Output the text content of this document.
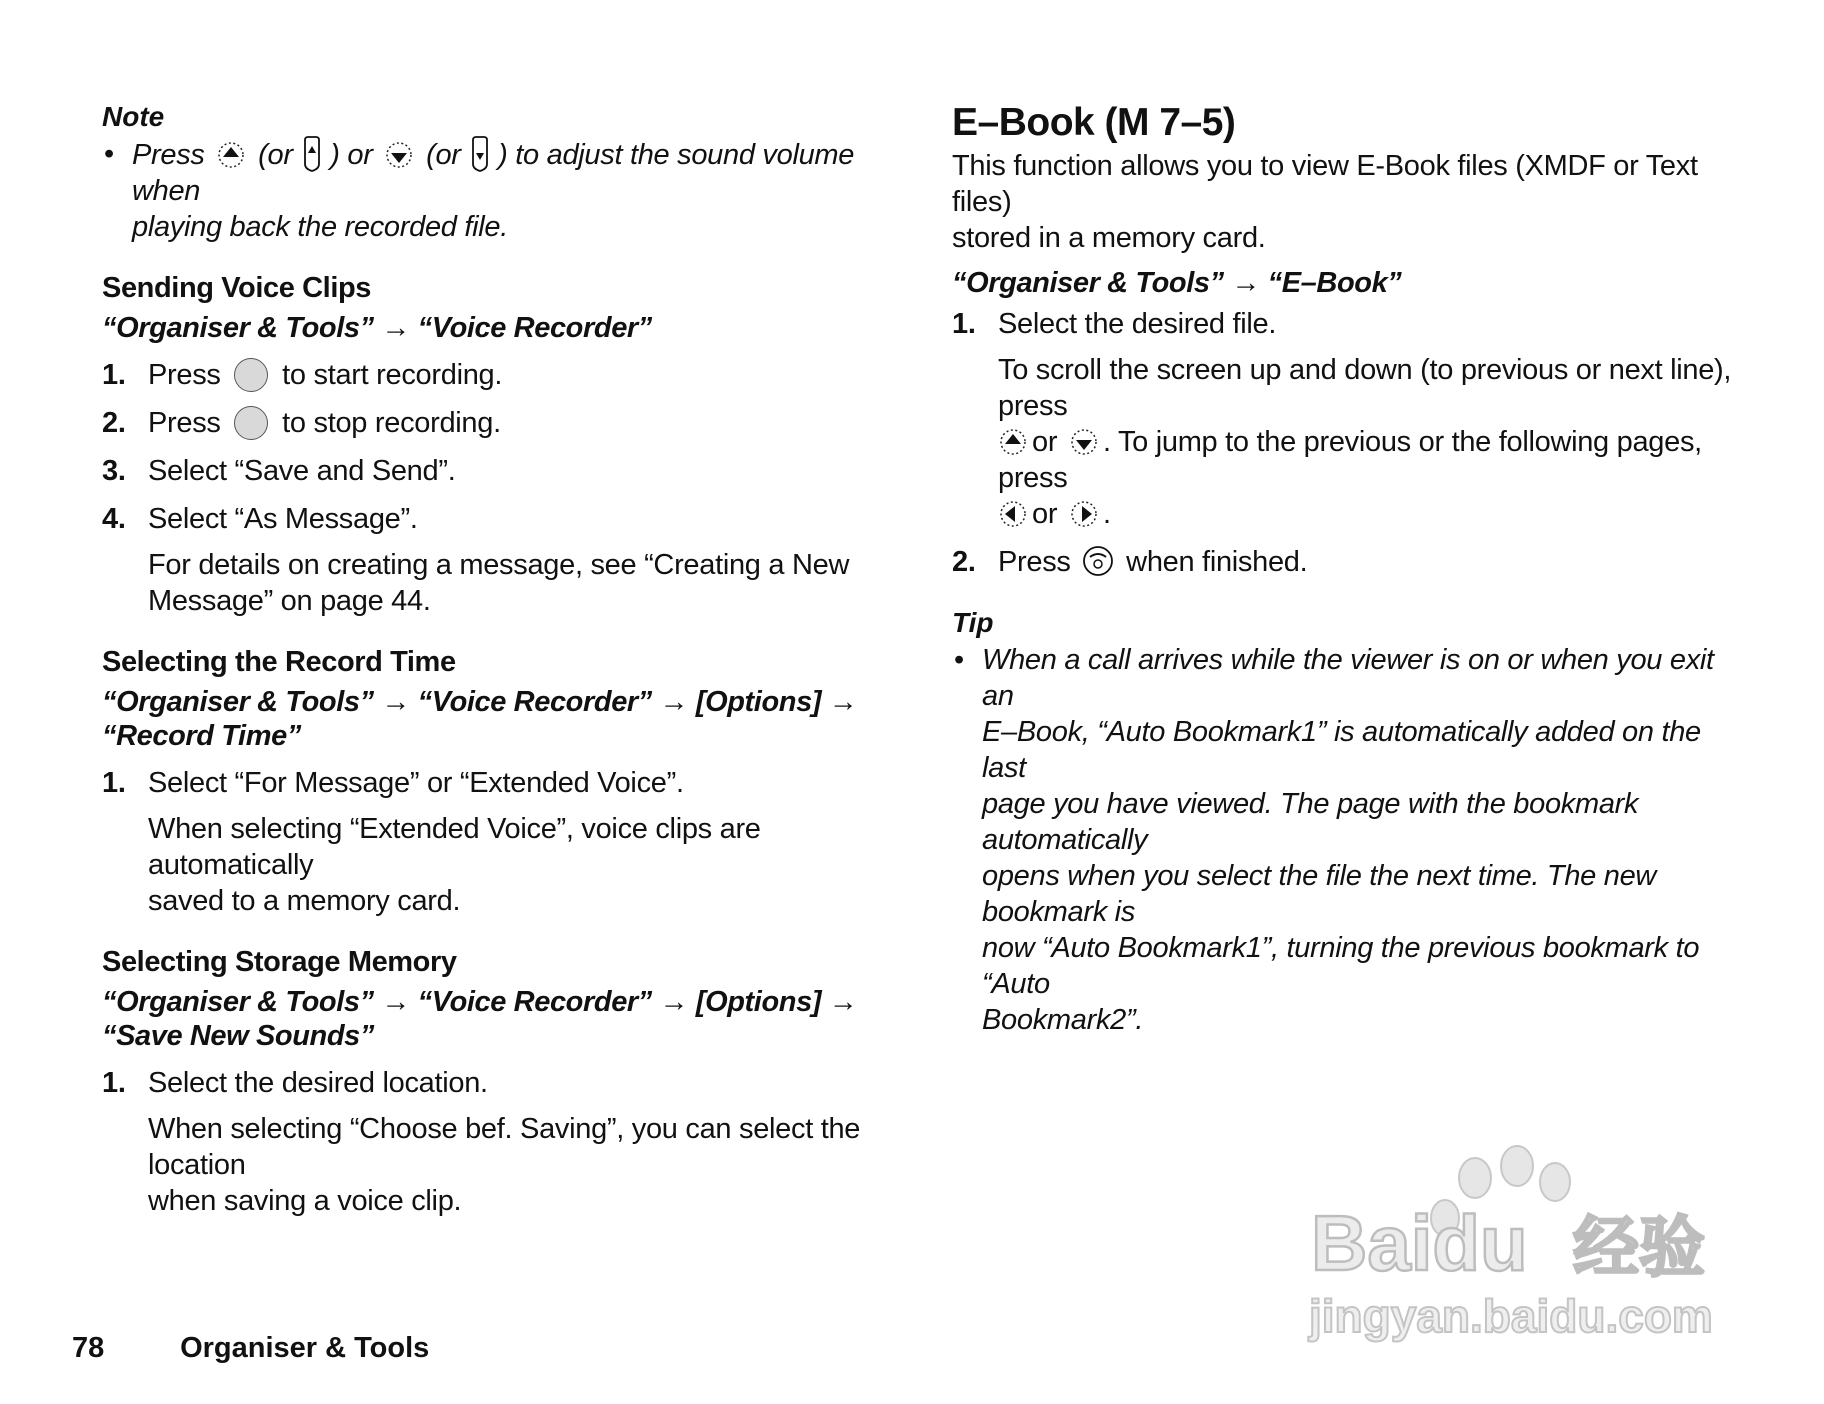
Note
• Press (or ) or (or ) to adjust the sound volume when
playing back the recorded file.
Sending Voice Clips
“Organiser & Tools” → “Voice Recorder”
1. Press to start recording.
2. Press to stop recording.
3. Select “Save and Send”.
4. Select “As Message”.
For details on creating a message, see “Creating a New
Message” on page 44.
Selecting the Record Time
“Organiser & Tools” → “Voice Recorder” → [Options] →
“Record Time”
1. Select “For Message” or “Extended Voice”.
When selecting “Extended Voice”, voice clips are automatically
saved to a memory card.
Selecting Storage Memory
“Organiser & Tools” → “Voice Recorder” → [Options] →
“Save New Sounds”
1. Select the desired location.
When selecting “Choose bef. Saving”, you can select the location
when saving a voice clip.
E–Book (M 7–5)
This function allows you to view E-Book files (XMDF or Text files)
stored in a memory card.
“Organiser & Tools” → “E–Book”
1. Select the desired file.
To scroll the screen up and down (to previous or next line), press
or . To jump to the previous or the following pages, press
or .
2. Press when finished.
Tip
• When a call arrives while the viewer is on or when you exit an
E–Book, “Auto Bookmark1” is automatically added on the last
page you have viewed. The page with the bookmark automatically
opens when you select the file the next time. The new bookmark is
now “Auto Bookmark1”, turning the previous bookmark to “Auto
Bookmark2”.
78	Organiser & Tools
Baidu 经验
jingyan.baidu.com
